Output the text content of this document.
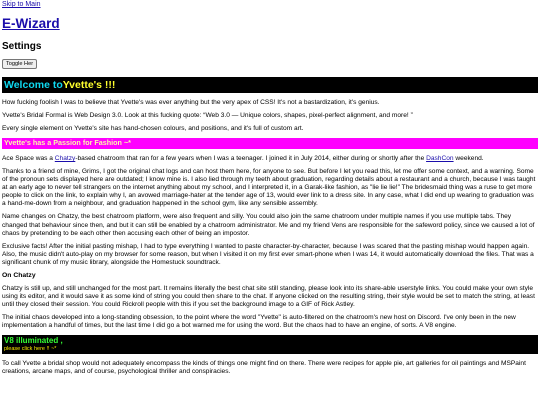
Skip to Main
E-Wizard
Settings
Toggle Her
Welcome to Yvette's !!!

How fucking foolish I was to believe that Yvette's was ever anything but the very apex of CSS! It's not a bastardization, it's genius.

Yvette's Bridal Formal is Web Design 3.0. Look at this fucking quote: “Web 3.0 — Unique colors, shapes, pixel-perfect alignment, and more! ”

Every single element on Yvette's site has hand-chosen colours, and positions, and it's full of custom art.

Yvette's has a Passion for Fashion ~*

Ace Space was a Chatzy-based chatroom that ran for a few years when I was a teenager. I joined it in July 2014, either during or shortly after the DashCon weekend.

Thanks to a friend of mine, Grims, I got the original chat logs and can host them here, for anyone to see. But before I let you read this, let me offer some context, and a warning. Some of the pronoun sets displayed here are outdated; I know mine is. I also lied through my teeth about graduation, regarding details about a restaurant and a church, because I was taught at an early age to never tell strangers on the internet anything about my school, and I interpreted it, in a Garak-like fashion, as "lie lie lie!" The bridesmaid thing was a ruse to get more people to click on the link, to explain why I, an avowed marriage-hater at the tender age of 13, would ever link to a dress site. In any case, what I did end up wearing to graduation was a hand-me-down from a neighbour, and graduation happened in the school gym, like any sensible assembly.

Name changes on Chatzy, the best chatroom platform, were also frequent and silly. You could also join the same chatroom under multiple names if you use multiple tabs. They changed that behaviour since then, and but it can still be enabled by a chatroom administrator. Me and my friend Vens are responsible for the safeword policy, since we caused a lot of chaos by pretending to be each other then accusing each other of being an impostor.

Exclusive facts! After the initial pasting mishap, I had to type everything I wanted to paste character-by-character, because I was scared that the pasting mishap would happen again. Also, the music didn't auto-play on my browser for some reason, but when I visited it on my first ever smart-phone when I was 14, it would automatically download the files. That was a significant chunk of my music library, alongside the Homestuck soundtrack.

On Chatzy

Chatzy is still up, and still unchanged for the most part. It remains literally the best chat site still standing, please look into its share-able userstyle links. You could make your own style using its editor, and it would save it as some kind of string you could then share to the chat. If anyone clicked on the resulting string, their style would be set to match the string, at least until they closed their session. You could Rickroll people with this if you set the background image to a GIF of Rick Astley.

The initial chaos developed into a long-standing obsession, to the point where the word "Yvette" is auto-filtered on the chatroom's new host on Discord. I've only been in the new implementation a handful of times, but the last time I did go a bot warned me for using the word. But the chaos had to have an engine, of sorts. A V8 engine.

V8 illuminated ,
please click here !! ~*

To call Yvette a bridal shop would not adequately encompass the kinds of things one might find on there. There were recipes for apple pie, art galleries for oil paintings and MSPaint creations, arcane maps, and of course, psychological thriller and conspiracies.
